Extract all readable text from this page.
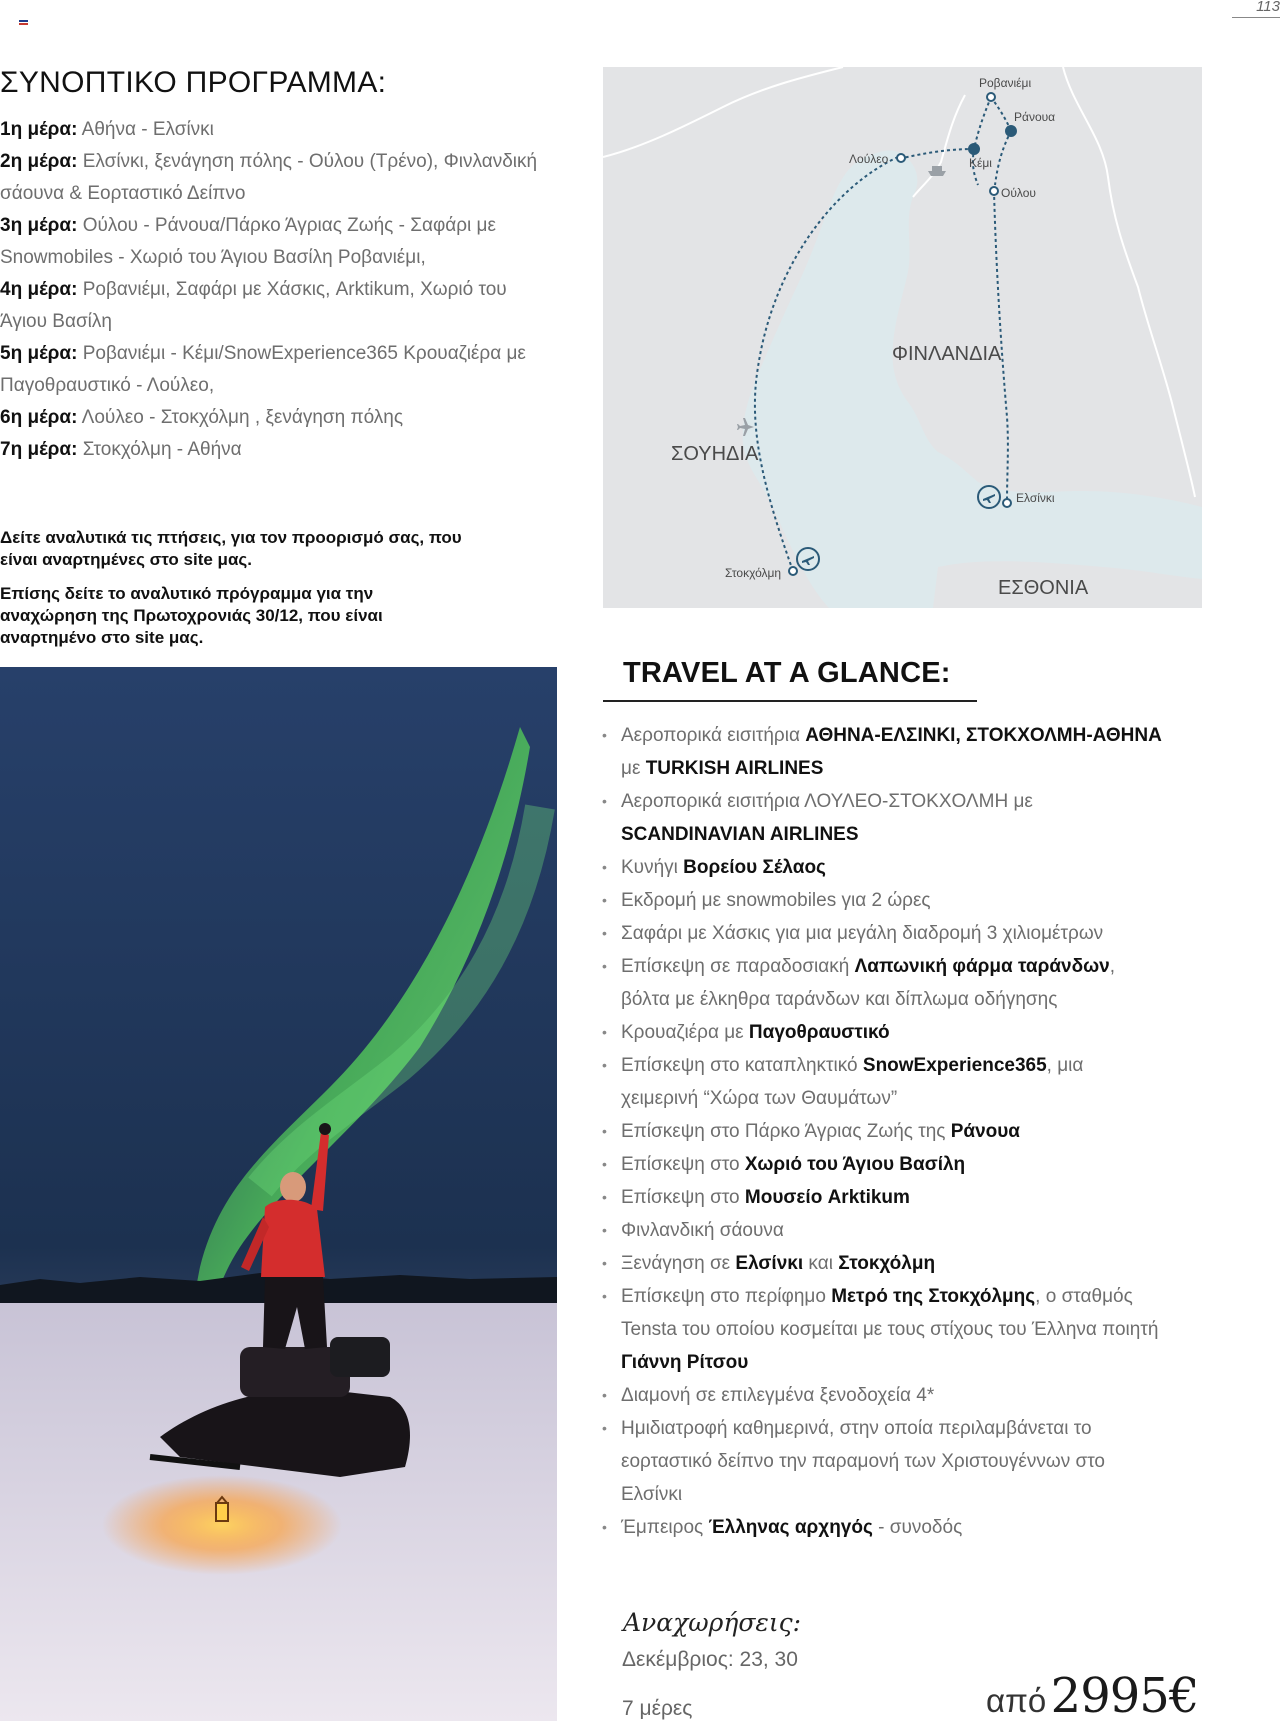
113
ΣΥΝΟΠΤΙΚΟ ΠΡΟΓΡΑΜΜΑ:
1η μέρα: Αθήνα - Ελσίνκι
2η μέρα: Ελσίνκι, ξενάγηση πόλης - Ούλου (Τρένο), Φινλανδική σάουνα & Εορταστικό Δείπνο
3η μέρα: Ούλου - Ράνουα/Πάρκο Άγριας Ζωής - Σαφάρι με Snowmobiles - Χωριό του Άγιου Βασίλη Ροβανιέμι,
4η μέρα: Ροβανιέμι, Σαφάρι με Χάσκις, Arktikum, Χωριό του Άγιου Βασίλη
5η μέρα: Ροβανιέμι - Κέμι/SnowExperience365 Κρουαζιέρα με Παγοθραυστικό - Λούλεο,
6η μέρα: Λούλεο - Στοκχόλμη , ξενάγηση πόλης
7η μέρα: Στοκχόλμη - Αθήνα

Δείτε αναλυτικά τις πτήσεις, για τον προορισμό σας, που είναι αναρτημένες στο site μας.

Επίσης δείτε το αναλυτικό πρόγραμμα για την αναχώρηση της Πρωτοχρονιάς 30/12, που είναι αναρτημένο στο site μας.

ΣΟΥΗΔΙΑ
ΦΙΝΛΑΝΔΙΑ
ΕΣΘΟΝΙΑ
Ροβανιέμι
Ράνουα
Κέμι
Ούλου
Λούλεο
Ελσίνκι
Στοκχόλμη
TRAVEL AT A GLANCE:
• Αεροπορικά εισιτήρια ΑΘΗΝΑ-ΕΛΣΙΝΚΙ, ΣΤΟΚΧΟΛΜΗ-ΑΘΗΝΑ με TURKISH AIRLINES
• Αεροπορικά εισιτήρια ΛΟΥΛΕΟ-ΣΤΟΚΧΟΛΜΗ με SCANDINAVIAN AIRLINES
• Κυνήγι Βορείου Σέλαος
• Εκδρομή με snowmobiles για 2 ώρες
• Σαφάρι με Χάσκις για μια μεγάλη διαδρομή 3 χιλιομέτρων
• Επίσκεψη σε παραδοσιακή Λαπωνική φάρμα ταράνδων, βόλτα με έλκηθρα ταράνδων και δίπλωμα οδήγησης
• Κρουαζιέρα με Παγοθραυστικό
• Επίσκεψη στο καταπληκτικό SnowExperience365, μια χειμερινή “Χώρα των Θαυμάτων”
• Επίσκεψη στο Πάρκο Άγριας Ζωής της Ράνουα
• Επίσκεψη στο Χωριό του Άγιου Βασίλη
• Επίσκεψη στο Μουσείο Arktikum
• Φινλανδική σάουνα
• Ξενάγηση σε Ελσίνκι και Στοκχόλμη
• Επίσκεψη στο περίφημο Μετρό της Στοκχόλμης, ο σταθμός Tensta του οποίου κοσμείται με τους στίχους του Έλληνα ποιητή Γιάννη Ρίτσου
• Διαμονή σε επιλεγμένα ξενοδοχεία 4*
• Ημιδιατροφή καθημερινά, στην οποία περιλαμβάνεται το εορταστικό δείπνο την παραμονή των Χριστουγέννων στο Ελσίνκι
• Έμπειρος Έλληνας αρχηγός - συνοδός
Αναχωρήσεις:
Δεκέμβριος: 23, 30
7 μέρες	από 2995€
